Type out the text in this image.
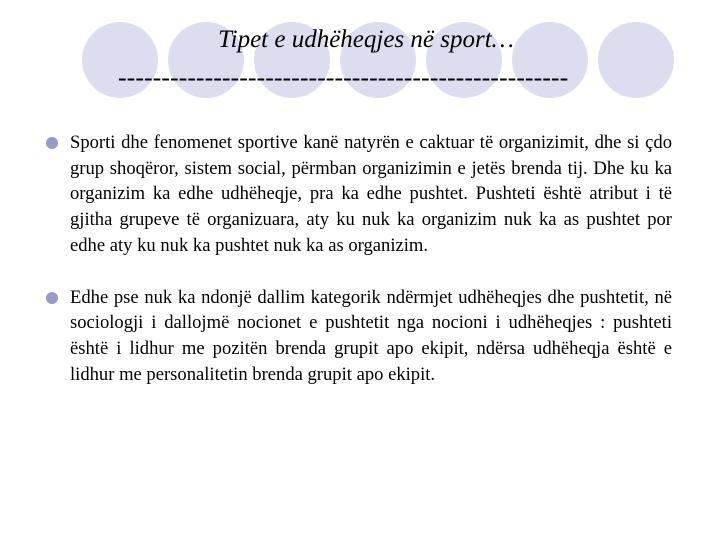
Tipet e udhëheqjes në sport…
----------------------------------------------------
Sporti dhe fenomenet sportive kanë natyrën e caktuar të organizimit, dhe si çdo grup shoqëror, sistem social, përmban organizimin e jetës brenda tij. Dhe ku ka organizim ka edhe udhëheqje, pra ka edhe pushtet. Pushteti është atribut i të gjitha grupeve të organizuara, aty ku nuk ka organizim nuk ka as pushtet por edhe aty ku nuk ka pushtet nuk ka as organizim.
Edhe pse nuk ka ndonjë dallim kategorik ndërmjet udhëheqjes dhe pushtetit, në sociologji i dallojmë nocionet e pushtetit nga nocioni i udhëheqjes : pushteti është i lidhur me pozitën brenda grupit apo ekipit, ndërsa udhëheqja është e lidhur me personalitetin brenda grupit apo ekipit.
